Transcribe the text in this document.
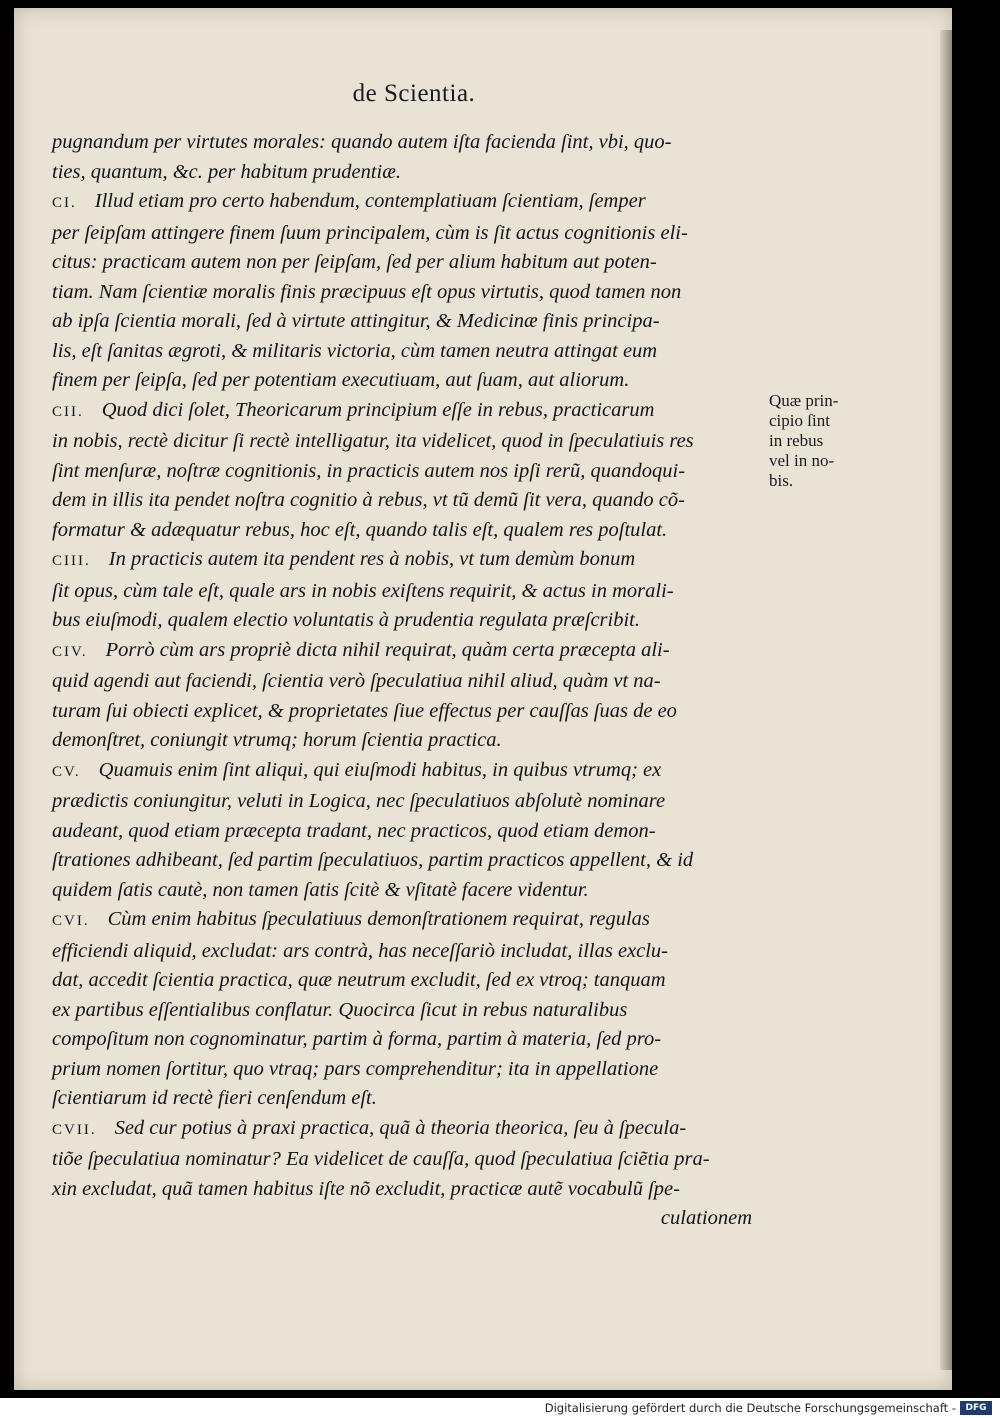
de Scientia.
pugnandum per virtutes morales: quando autem iſta facienda ſint, vbi, quo-
ties, quantum, &c. per habitum prudentiæ.
CI. Illud etiam pro certo habendum, contemplatiuam ſcientiam, ſemper
per ſeipſam attingere finem ſuum principalem, cùm is ſit actus cognitionis eli-
citus: practicam autem non per ſeipſam, ſed per alium habitum aut poten-
tiam. Nam ſcientiæ moralis finis præcipuus eſt opus virtutis, quod tamen non
ab ipſa ſcientia morali, ſed à virtute attingitur, & Medicinæ finis principa-
lis, eſt ſanitas ægroti, & militaris victoria, cùm tamen neutra attingat eum
finem per ſeipſa, ſed per potentiam executiuam, aut ſuam, aut aliorum.
CII. Quod dici ſolet, Theoricarum principium eſſe in rebus, practicarum
in nobis, rectè dicitur ſi rectè intelligatur, ita videlicet, quod in ſpeculatiuis res
ſint menſuræ, noſtræ cognitionis, in practicis autem nos ipſi rerũ, quandoqui-
dem in illis ita pendet noſtra cognitio à rebus, vt tũ demũ ſit vera, quando cõ-
formatur & adæquatur rebus, hoc eſt, quando talis eſt, qualem res poſtulat.
CIII. In practicis autem ita pendent res à nobis, vt tum demùm bonum
ſit opus, cùm tale eſt, quale ars in nobis exiſtens requirit, & actus in morali-
bus eiuſmodi, qualem electio voluntatis à prudentia regulata præſcribit.
CIV. Porrò cùm ars propriè dicta nihil requirat, quàm certa præcepta ali-
quid agendi aut faciendi, ſcientia verò ſpeculatiua nihil aliud, quàm vt na-
turam ſui obiecti explicet, & proprietates ſiue effectus per cauſſas ſuas de eo
demonſtret, coniungit vtrumq; horum ſcientia practica.
CV. Quamuis enim ſint aliqui, qui eiuſmodi habitus, in quibus vtrumq; ex
prædictis coniungitur, veluti in Logica, nec ſpeculatiuos abſolutè nominare
audeant, quod etiam præcepta tradant, nec practicos, quod etiam demon-
ſtrationes adhibeant, ſed partim ſpeculatiuos, partim practicos appellent, & id
quidem ſatis cautè, non tamen ſatis ſcitè & vſitatè facere videntur.
CVI. Cùm enim habitus ſpeculatiuus demonſtrationem requirat, regulas
efficiendi aliquid, excludat: ars contrà, has neceſſariò includat, illas exclu-
dat, accedit ſcientia practica, quæ neutrum excludit, ſed ex vtroq; tanquam
ex partibus eſſentialibus conflatur. Quocirca ſicut in rebus naturalibus
compoſitum non cognominatur, partim à forma, partim à materia, ſed pro-
prium nomen ſortitur, quo vtraq; pars comprehenditur; ita in appellatione
ſcientiarum id rectè fieri cenſendum eſt.
CVII. Sed cur potius à praxi practica, quã à theoria theorica, ſeu à ſpecula-
tiõe ſpeculatiua nominatur? Ea videlicet de cauſſa, quod ſpeculatiua ſciẽtia pra-
xin excludat, quã tamen habitus iſte nõ excludit, practicæ autẽ vocabulũ ſpe-
culationem
Quæ prin-
cipio ſint
in rebus
vel in no-
bis.
Digitalisierung gefördert durch die Deutsche Forschungsgemeinschaft -	DFG
